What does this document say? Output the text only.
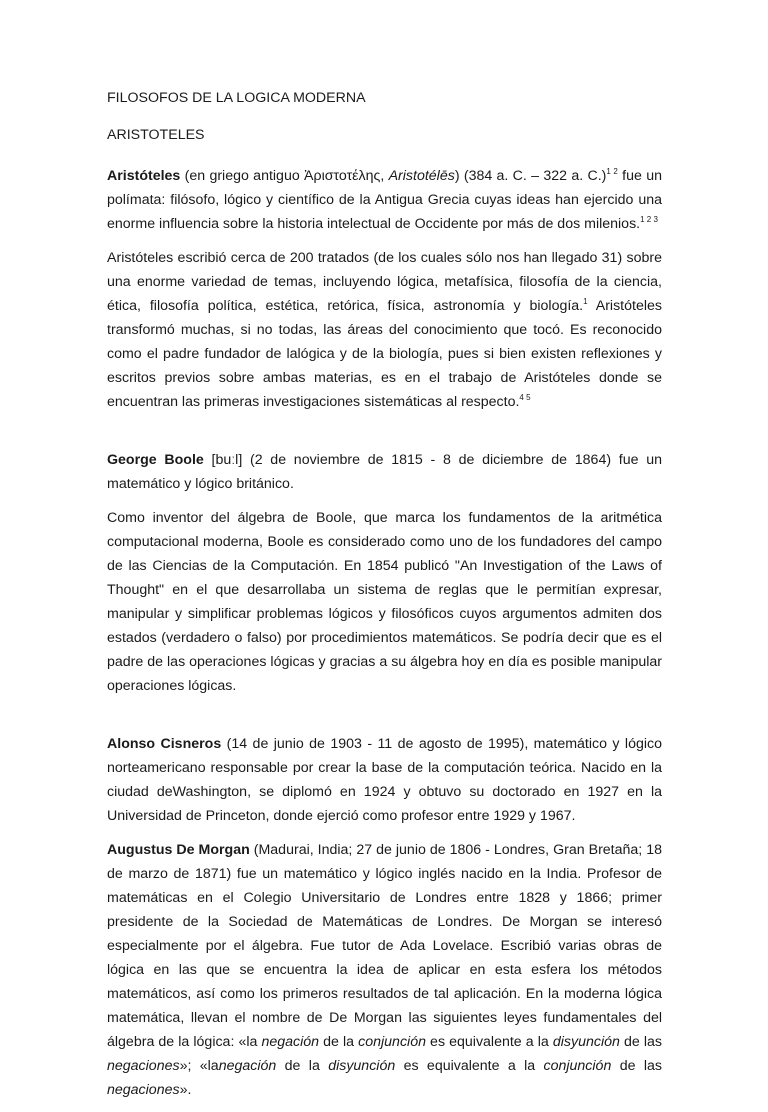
FILOSOFOS DE LA LOGICA MODERNA
ARISTOTELES

Aristóteles (en griego antiguo Ἀριστοτέλης, Aristotélēs) (384 a. C. – 322 a. C.)$^{1 2}$ fue un polímata: filósofo, lógico y científico de la Antigua Grecia cuyas ideas han ejercido una enorme influencia sobre la historia intelectual de Occidente por más de dos milenios.$^{1 2 3}$

Aristóteles escribió cerca de 200 tratados (de los cuales sólo nos han llegado 31) sobre una enorme variedad de temas, incluyendo lógica, metafísica, filosofía de la ciencia, ética, filosofía política, estética, retórica, física, astronomía y biología.$^1$ Aristóteles transformó muchas, si no todas, las áreas del conocimiento que tocó. Es reconocido como el padre fundador de lalógica y de la biología, pues si bien existen reflexiones y escritos previos sobre ambas materias, es en el trabajo de Aristóteles donde se encuentran las primeras investigaciones sistemáticas al respecto.$^{4 5}$

George Boole [buːl] (2 de noviembre de 1815 - 8 de diciembre de 1864) fue un matemático y lógico británico.

Como inventor del álgebra de Boole, que marca los fundamentos de la aritmética computacional moderna, Boole es considerado como uno de los fundadores del campo de las Ciencias de la Computación. En 1854 publicó "An Investigation of the Laws of Thought" en el que desarrollaba un sistema de reglas que le permitían expresar, manipular y simplificar problemas lógicos y filosóficos cuyos argumentos admiten dos estados (verdadero o falso) por procedimientos matemáticos. Se podría decir que es el padre de las operaciones lógicas y gracias a su álgebra hoy en día es posible manipular operaciones lógicas.

Alonso Cisneros (14 de junio de 1903 - 11 de agosto de 1995), matemático y lógico norteamericano responsable por crear la base de la computación teórica. Nacido en la ciudad deWashington, se diplomó en 1924 y obtuvo su doctorado en 1927 en la Universidad de Princeton, donde ejerció como profesor entre 1929 y 1967.

Augustus De Morgan (Madurai, India; 27 de junio de 1806 - Londres, Gran Bretaña; 18 de marzo de 1871) fue un matemático y lógico inglés nacido en la India. Profesor de matemáticas en el Colegio Universitario de Londres entre 1828 y 1866; primer presidente de la Sociedad de Matemáticas de Londres. De Morgan se interesó especialmente por el álgebra. Fue tutor de Ada Lovelace. Escribió varias obras de lógica en las que se encuentra la idea de aplicar en esta esfera los métodos matemáticos, así como los primeros resultados de tal aplicación. En la moderna lógica matemática, llevan el nombre de De Morgan las siguientes leyes fundamentales del álgebra de la lógica: «la negación de la conjunción es equivalente a la disyunción de las negaciones»; «lanegación de la disyunción es equivalente a la conjunción de las negaciones».
